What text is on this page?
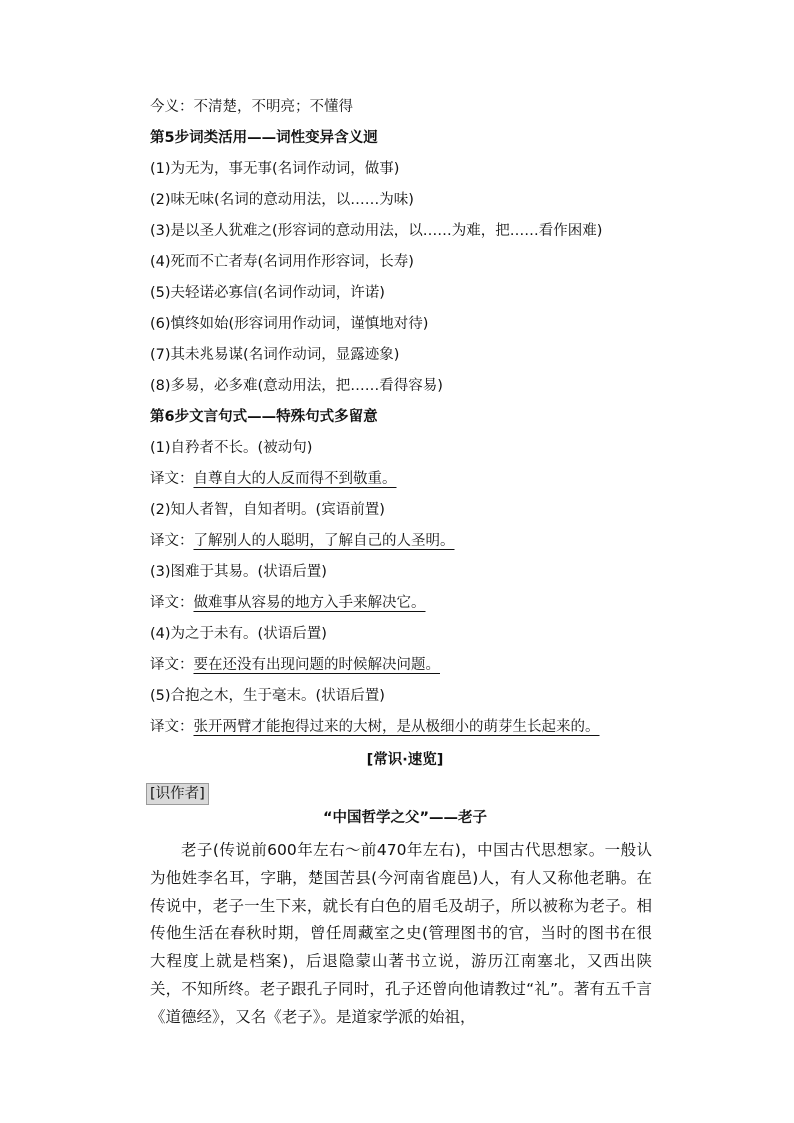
今义：不清楚，不明亮；不懂得
第5步词类活用——词性变异含义迥
(1)为无为，事无事(名词作动词，做事)
(2)味无味(名词的意动用法，以……为味)
(3)是以圣人犹难之(形容词的意动用法，以……为难，把……看作困难)
(4)死而不亡者寿(名词用作形容词，长寿)
(5)夫轻诺必寡信(名词作动词，许诺)
(6)慎终如始(形容词用作动词，谨慎地对待)
(7)其未兆易谋(名词作动词，显露迹象)
(8)多易，必多难(意动用法，把……看得容易)
第6步文言句式——特殊句式多留意
(1)自矜者不长。(被动句)
译文：自尊自大的人反而得不到敬重。
(2)知人者智，自知者明。(宾语前置)
译文：了解别人的人聪明，了解自己的人圣明。
(3)图难于其易。(状语后置)
译文：做难事从容易的地方入手来解决它。
(4)为之于未有。(状语后置)
译文：要在还没有出现问题的时候解决问题。
(5)合抱之木，生于毫末。(状语后置)
译文：张开两臂才能抱得过来的大树，是从极细小的萌芽生长起来的。
[常识·速览]
[识作者]
“中国哲学之父”——老子
老子(传说前600年左右～前470年左右)，中国古代思想家。一般认为他姓李名耳，字聃，楚国苦县(今河南省鹿邑)人，有人又称他老聃。在传说中，老子一生下来，就长有白色的眉毛及胡子，所以被称为老子。相传他生活在春秋时期，曾任周藏室之史(管理图书的官，当时的图书在很大程度上就是档案)，后退隐蒙山著书立说，游历江南塞北，又西出陕关，不知所终。老子跟孔子同时，孔子还曾向他请教过“礼”。著有五千言《道德经》，又名《老子》。是道家学派的始祖，
